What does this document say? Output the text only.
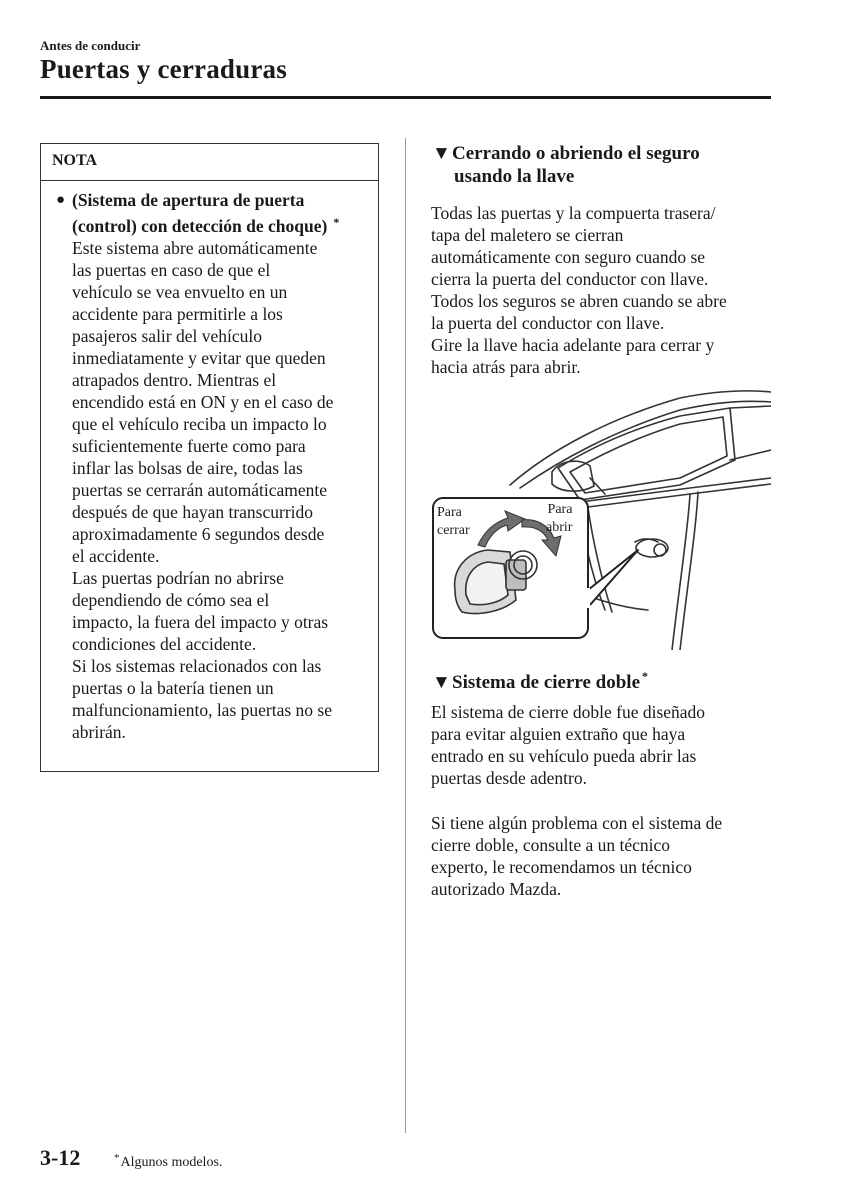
Antes de conducir
Puertas y cerraduras
NOTA
● (Sistema de apertura de puerta (control) con detección de choque) *
Este sistema abre automáticamente
las puertas en caso de que el
vehículo se vea envuelto en un
accidente para permitirle a los
pasajeros salir del vehículo
inmediatamente y evitar que queden
atrapados dentro. Mientras el
encendido está en ON y en el caso de
que el vehículo reciba un impacto lo
suficientemente fuerte como para
inflar las bolsas de aire, todas las
puertas se cerrarán automáticamente
después de que hayan transcurrido
aproximadamente 6 segundos desde
el accidente.
Las puertas podrían no abrirse
dependiendo de cómo sea el
impacto, la fuera del impacto y otras
condiciones del accidente.
Si los sistemas relacionados con las
puertas o la batería tienen un
malfuncionamiento, las puertas no se
abrirán.
▼Cerrando o abriendo el seguro
usando la llave
Todas las puertas y la compuerta trasera/
tapa del maletero se cierran
automáticamente con seguro cuando se
cierra la puerta del conductor con llave.
Todos los seguros se abren cuando se abre
la puerta del conductor con llave.
Gire la llave hacia adelante para cerrar y
hacia atrás para abrir.
Para
cerrar
Para
abrir
▼Sistema de cierre doble *
El sistema de cierre doble fue diseñado
para evitar alguien extraño que haya
entrado en su vehículo pueda abrir las
puertas desde adentro.
Si tiene algún problema con el sistema de
cierre doble, consulte a un técnico
experto, le recomendamos un técnico
autorizado Mazda.
3-12	*Algunos modelos.
